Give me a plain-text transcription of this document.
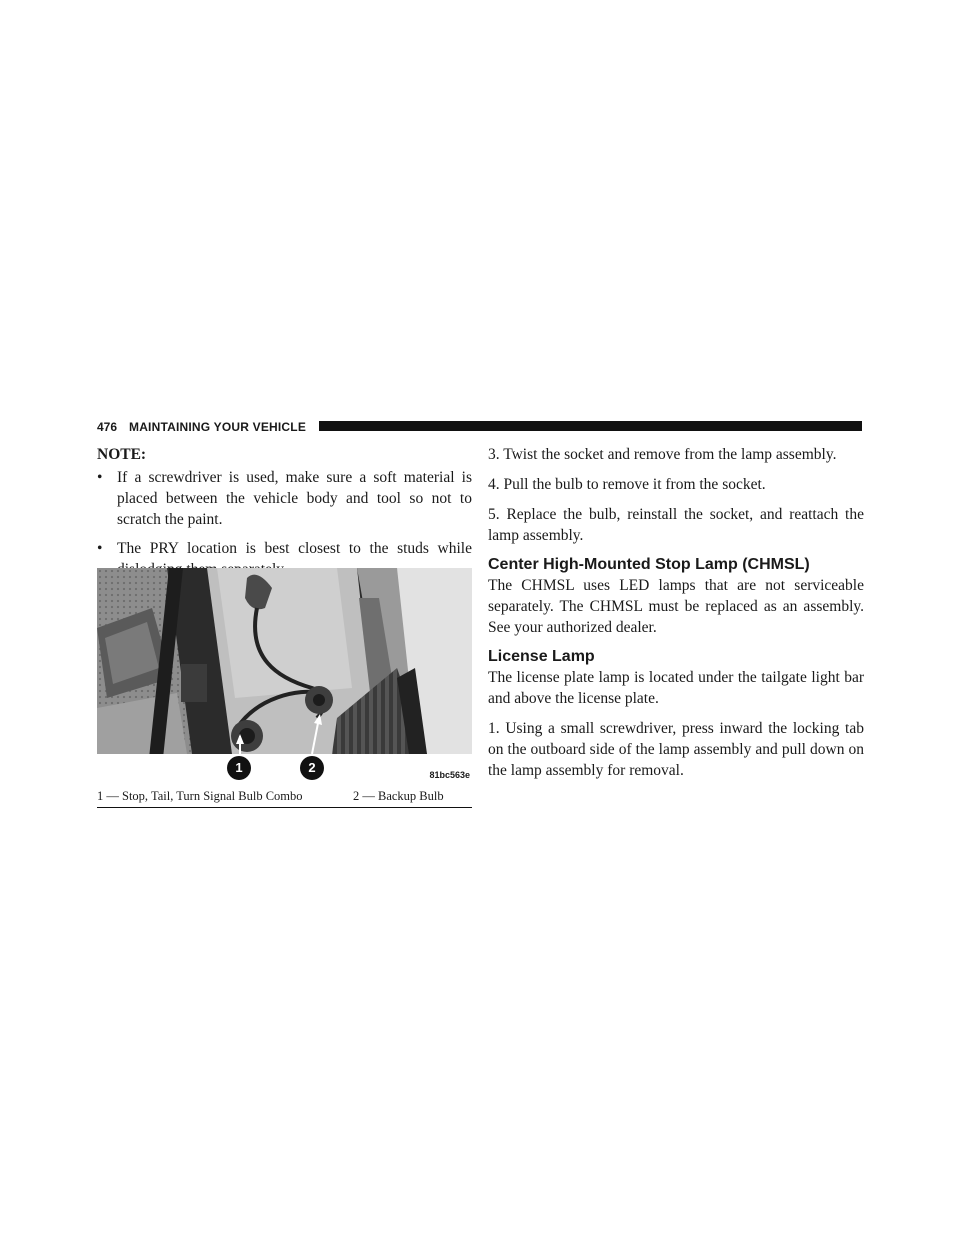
476 MAINTAINING YOUR VEHICLE

NOTE:

• If a screwdriver is used, make sure a soft material is placed between the vehicle body and tool so not to scratch the paint.
• The PRY location is best closest to the studs while
1	2	81bc563e
1 — Stop, Tail, Turn Signal Bulb Combo	2 — Backup Bulb

3. Twist the socket and remove from the lamp assembly.

4. Pull the bulb to remove it from the socket.

5. Replace the bulb, reinstall the socket, and reattach the lamp assembly.

Center High-Mounted Stop Lamp (CHMSL)

The CHMSL uses LED lamps that are not serviceable separately. The CHMSL must be replaced as an assembly. See your authorized dealer.

License Lamp

The license plate lamp is located under the tailgate light bar and above the license plate.

1. Using a small screwdriver, press inward the locking tab on the outboard side of the lamp assembly and pull down on the lamp assembly for removal.
